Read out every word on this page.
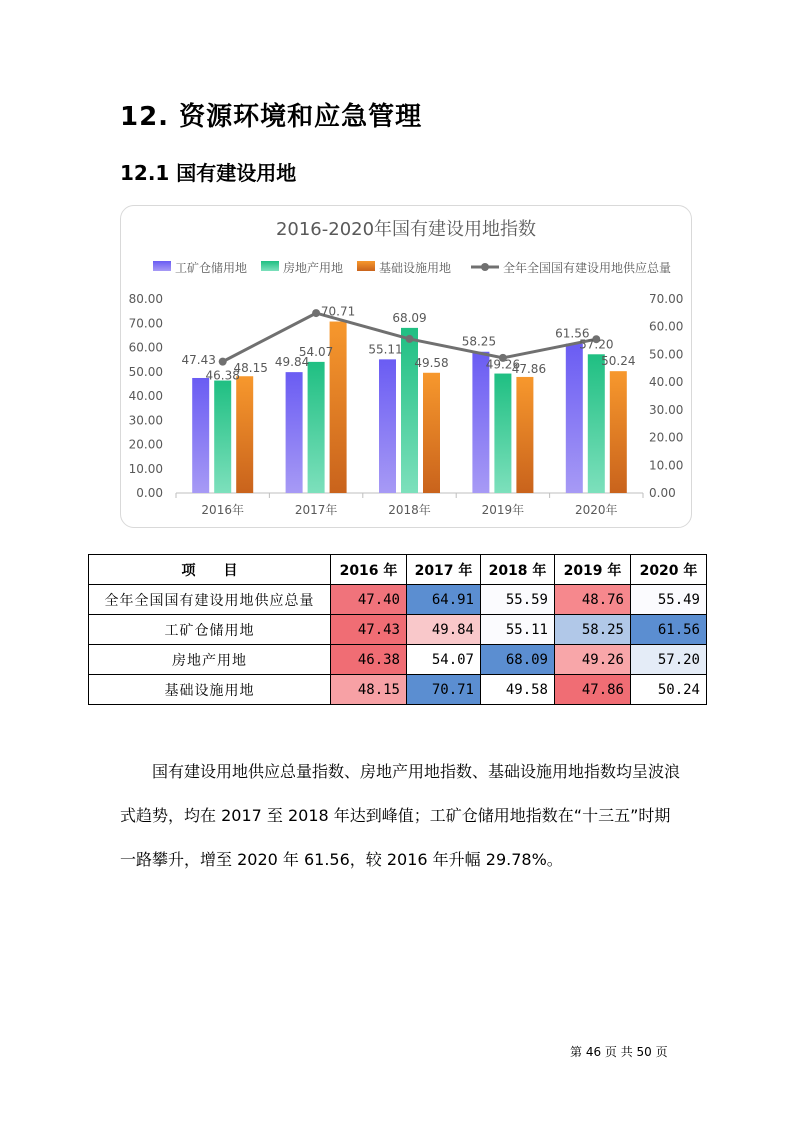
12. 资源环境和应急管理
12.1 国有建设用地
2016-2020年国有建设用地指数
工矿仓储用地	房地产用地	基础设施用地	全年全国国有建设用地供应总量
0.00
10.00
20.00
30.00
40.00
50.00
60.00
70.00
80.00
0.00
10.00
20.00
30.00
40.00
50.00
60.00
70.00
2016年	2017年	2018年	2019年	2020年
47.43
46.38
48.15 49.84
54.07
70.71
55.11
68.09
49.58
58.25
49.26
47.86
61.56
57.20
50.24
项　　目	2016 年	2017 年	2018 年	2019 年	2020 年
全年全国国有建设用地供应总量	47.40	64.91	55.59	48.76	55.49
工矿仓储用地	47.43	49.84	55.11	58.25	61.56
房地产用地	46.38	54.07	68.09	49.26	57.20
基础设施用地	48.15	70.71	49.58	47.86	50.24

国有建设用地供应总量指数、房地产用地指数、基础设施用地指数均呈波浪式趋势，均在 2017 至 2018 年达到峰值；工矿仓储用地指数在“十三五”时期一路攀升，增至 2020 年 61.56，较 2016 年升幅 29.78%。

第 46 页 共 50 页
